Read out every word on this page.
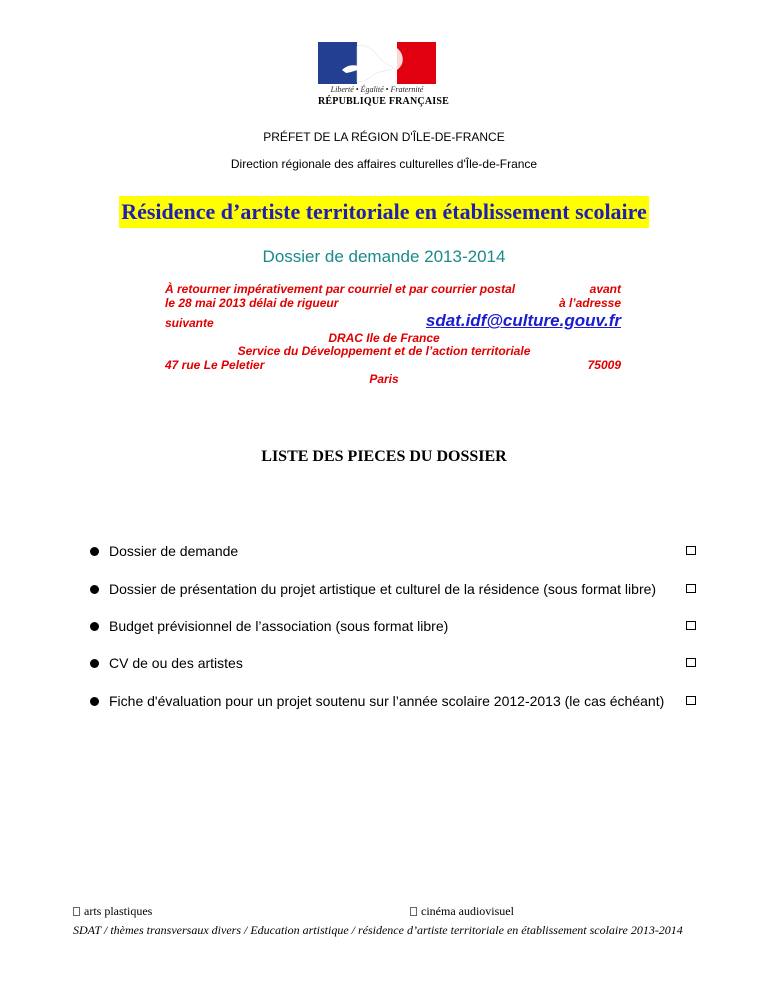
Liberté • Égalité • Fraternité
RÉPUBLIQUE FRANÇAISE
PRÉFET DE LA RÉGION D'ÎLE-DE-FRANCE
Direction régionale des affaires culturelles d'Île-de-France
Résidence d’artiste territoriale en établissement scolaire
Dossier de demande 2013-2014
À retourner impérativement par courriel et par courrier postal	avant
le 28 mai 2013 délai de rigueur	à l’adresse
suivante	sdat.idf@culture.gouv.fr
DRAC Ile de France
Service du Développement et de l’action territoriale
47 rue Le Peletier	75009
Paris
LISTE DES PIECES DU DOSSIER
Dossier de demande
Dossier de présentation du projet artistique et culturel de la résidence (sous format libre)
Budget prévisionnel de l’association (sous format libre)
CV de ou des artistes
Fiche d'évaluation pour un projet soutenu sur l’année scolaire 2012-2013 (le cas échéant)
arts plastiques	cinéma audiovisuel
SDAT / thèmes transversaux divers / Education artistique / résidence d’artiste territoriale en établissement scolaire 2013-2014
